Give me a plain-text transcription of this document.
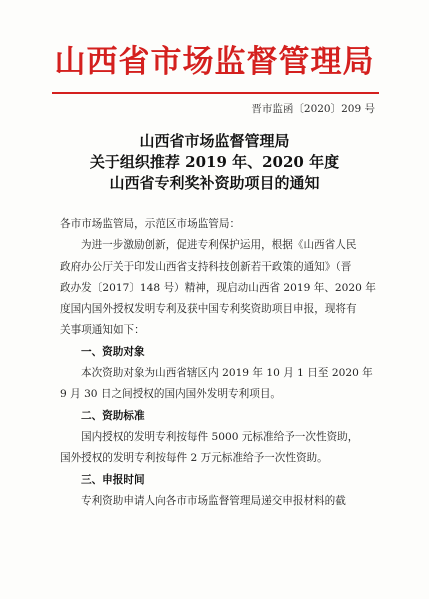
山西省市场监督管理局
晋市监函〔2020〕209 号
山西省市场监督管理局
关于组织推荐 2019 年、2020 年度
山西省专利奖补资助项目的通知

各市市场监管局，示范区市场监管局：

为进一步激励创新，促进专利保护运用，根据《山西省人民

政府办公厅关于印发山西省支持科技创新若干政策的通知》（晋

政办发〔2017〕148 号）精神，现启动山西省 2019 年、2020 年

度国内国外授权发明专利及获中国专利奖资助项目申报，现将有

关事项通知如下：

一、资助对象

本次资助对象为山西省辖区内 2019 年 10 月 1 日至 2020 年

9 月 30 日之间授权的国内国外发明专利项目。

二、资助标准

国内授权的发明专利按每件 5000 元标准给予一次性资助，

国外授权的发明专利按每件 2 万元标准给予一次性资助。

三、申报时间

专利资助申请人向各市市场监督管理局递交申报材料的截
